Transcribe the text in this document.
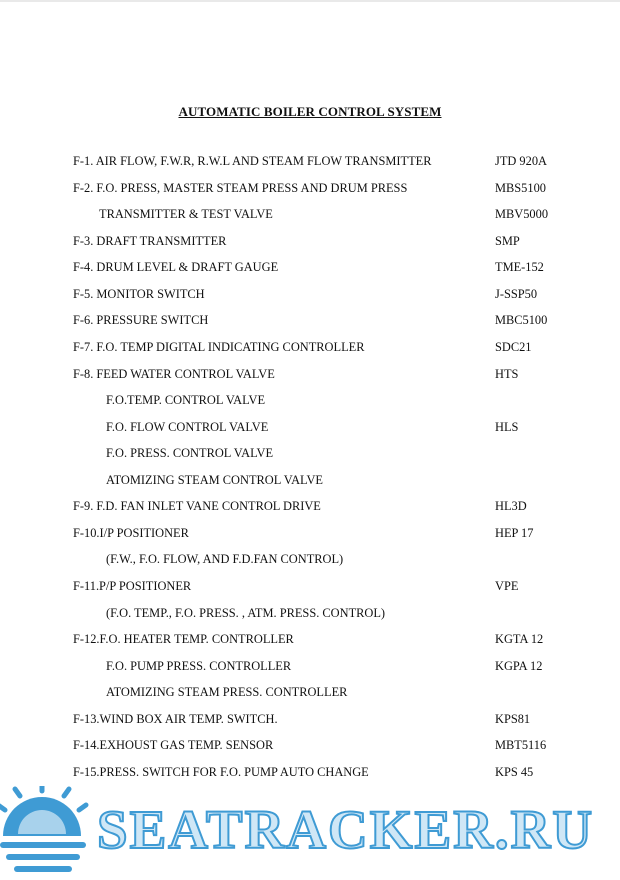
AUTOMATIC BOILER CONTROL SYSTEM
F-1. AIR FLOW, F.W.R, R.W.L AND STEAM FLOW TRANSMITTER	JTD 920A
F-2. F.O. PRESS, MASTER STEAM PRESS AND DRUM PRESS	MBS5100
TRANSMITTER & TEST VALVE	MBV5000
F-3. DRAFT TRANSMITTER	SMP
F-4. DRUM LEVEL & DRAFT GAUGE	TME-152
F-5. MONITOR SWITCH	J-SSP50
F-6. PRESSURE SWITCH	MBC5100
F-7. F.O. TEMP DIGITAL INDICATING CONTROLLER	SDC21
F-8. FEED WATER CONTROL VALVE	HTS
F.O.TEMP. CONTROL VALVE
F.O. FLOW CONTROL VALVE	HLS
F.O. PRESS. CONTROL VALVE
ATOMIZING STEAM CONTROL VALVE
F-9. F.D. FAN INLET VANE CONTROL DRIVE	HL3D
F-10.I/P POSITIONER	HEP 17
(F.W., F.O. FLOW, AND F.D.FAN CONTROL)
F-11.P/P POSITIONER	VPE
(F.O. TEMP., F.O. PRESS. , ATM. PRESS. CONTROL)
F-12.F.O. HEATER TEMP. CONTROLLER	KGTA 12
F.O. PUMP PRESS. CONTROLLER	KGPA 12
ATOMIZING STEAM PRESS. CONTROLLER
F-13.WIND BOX AIR TEMP. SWITCH.	KPS81
F-14.EXHOUST GAS TEMP. SENSOR	MBT5116
F-15.PRESS. SWITCH FOR F.O. PUMP AUTO CHANGE	KPS 45
SEATRACKER.RU
